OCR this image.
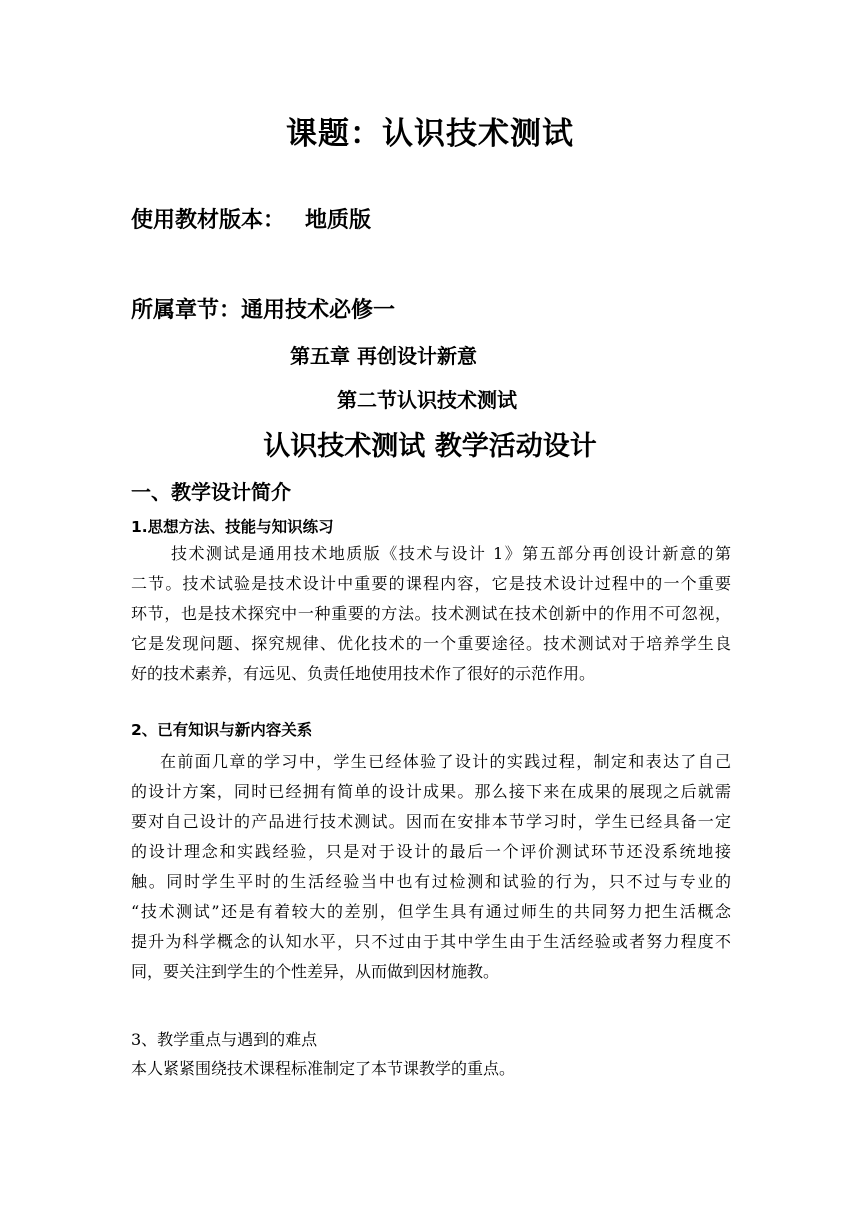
课题：认识技术测试
使用教材版本： 地质版
所属章节：通用技术必修一
第五章 再创设计新意
第二节认识技术测试
认识技术测试 教学活动设计
一、教学设计简介
1.思想方法、技能与知识练习
技术测试是通用技术地质版《技术与设计 1》第五部分再创设计新意的第
二节。技术试验是技术设计中重要的课程内容，它是技术设计过程中的一个重要
环节，也是技术探究中一种重要的方法。技术测试在技术创新中的作用不可忽视，
它是发现问题、探究规律、优化技术的一个重要途径。技术测试对于培养学生良
好的技术素养，有远见、负责任地使用技术作了很好的示范作用。
2、已有知识与新内容关系
在前面几章的学习中，学生已经体验了设计的实践过程，制定和表达了自己
的设计方案，同时已经拥有简单的设计成果。那么接下来在成果的展现之后就需
要对自己设计的产品进行技术测试。因而在安排本节学习时，学生已经具备一定
的设计理念和实践经验，只是对于设计的最后一个评价测试环节还没系统地接
触。同时学生平时的生活经验当中也有过检测和试验的行为，只不过与专业的
“技术测试”还是有着较大的差别，但学生具有通过师生的共同努力把生活概念
提升为科学概念的认知水平，只不过由于其中学生由于生活经验或者努力程度不
同，要关注到学生的个性差异，从而做到因材施教。
3、教学重点与遇到的难点
本人紧紧围绕技术课程标准制定了本节课教学的重点。
